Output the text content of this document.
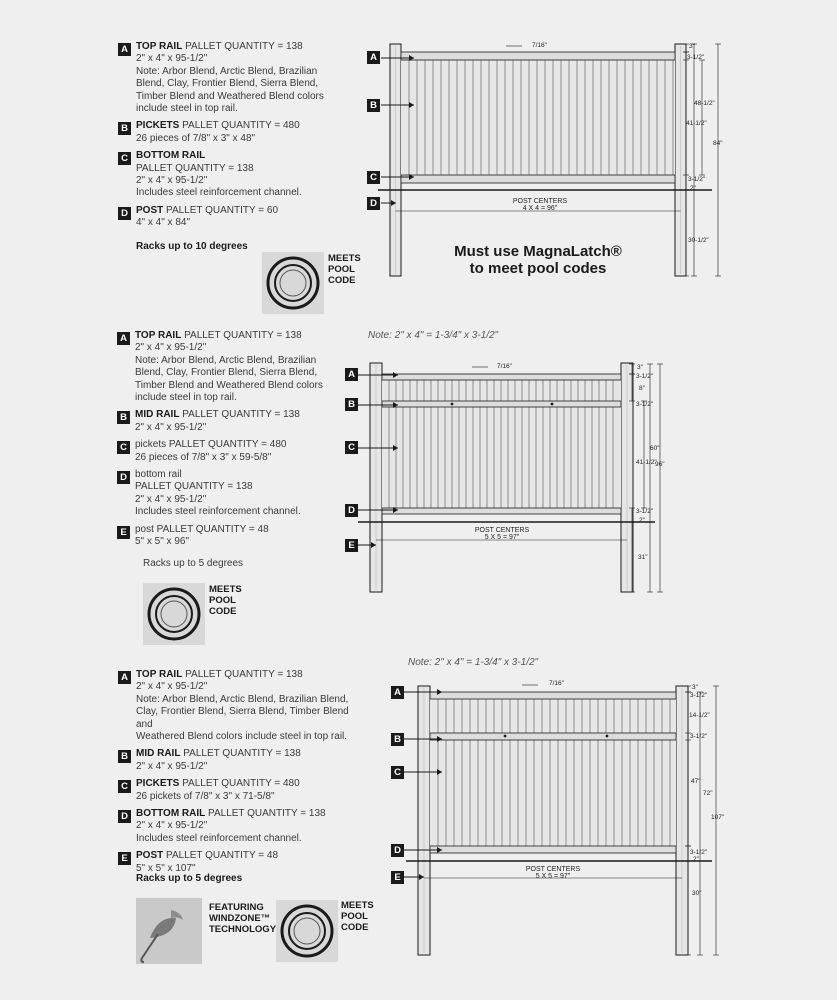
A TOP RAIL PALLET QUANTITY = 138
2" x 4" x 95-1/2"
Note: Arbor Blend, Arctic Blend, Brazilian
Blend, Clay, Frontier Blend, Sierra Blend,
Timber Blend and Weathered Blend colors
include steel in top rail.
B PICKETS PALLET QUANTITY = 480
26 pieces of 7/8" x 3" x 48"
C BOTTOM RAIL
PALLET QUANTITY = 138
2" x 4" x 95-1/2"
Includes steel reinforcement channel.
D POST PALLET QUANTITY = 60
4" x 4" x 84"
Racks up to 10 degrees
A TOP RAIL PALLET QUANTITY = 138
2" x 4" x 95-1/2"
Note: Arbor Blend, Arctic Blend, Brazilian
Blend, Clay, Frontier Blend, Sierra Blend,
Timber Blend and Weathered Blend colors
include steel in top rail.
B MID RAIL PALLET QUANTITY = 138
2" x 4" x 95-1/2"
C pickets PALLET QUANTITY = 480
26 pieces of 7/8" x 3" x 59-5/8"
D bottom rail
PALLET QUANTITY = 138
2" x 4" x 95-1/2"
Includes steel reinforcement channel.
E post PALLET QUANTITY = 48
5" x 5" x 96"
Racks up to 5 degrees
A TOP RAIL PALLET QUANTITY = 138
2" x 4" x 95-1/2"
Note: Arbor Blend, Arctic Blend, Brazilian Blend,
Clay, Frontier Blend, Sierra Blend, Timber Blend and
Weathered Blend colors include steel in top rail.
B MID RAIL PALLET QUANTITY = 138
2" x 4" x 95-1/2"
C PICKETS PALLET QUANTITY = 480
26 pickets of 7/8" x 3" x 71-5/8"
D BOTTOM RAIL PALLET QUANTITY = 138
2" x 4" x 95-1/2"
Includes steel reinforcement channel.
E POST PALLET QUANTITY = 48
5" x 5" x 107"
Racks up to 5 degrees
MEETS
POOL
CODE
MEETS
POOL
CODE
FEATURING
WINDZONE™
TECHNOLOGY
MEETS
POOL
CODE
Note: 2" x 4" = 1-3/4" x 3-1/2"
Note: 2" x 4" = 1-3/4" x 3-1/2"
Must use MagnaLatch®
to meet pool codes
A
B
C
D
A
B
C
D
E
A
B
C
D
E
7/16"	3"
3-1/2"
48-1/2"
41-1/2"
84"
3-1/2"
2"
30-1/2"
POST CENTERS
4 X 4 = 96"
7/16"	3"
3-1/2"
8"
3-1/2"
60"
41-1/2"
96"
3-1/2"
2"
31"
POST CENTERS
5 X 5 = 97"
7/16"
3"
3-1/2"
14-1/2"
3-1/2"
47"
72"
107"
3-1/2"
2"
30"
POST CENTERS
5 X 5 = 97"
